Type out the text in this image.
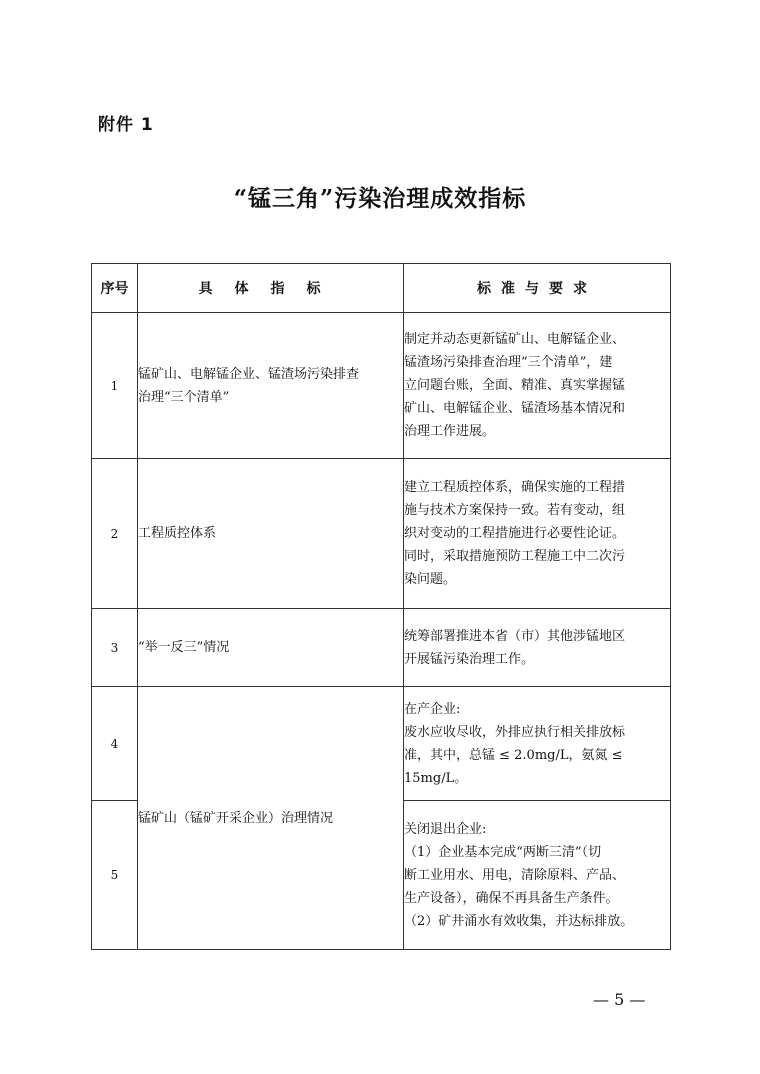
附件 1
“锰三角”污染治理成效指标
序号	具体指标	标准与要求
1	锰矿山、电解锰企业、锰渣场污染排查
治理“三个清单”	制定并动态更新锰矿山、电解锰企业、
锰渣场污染排查治理“三个清单”，建
立问题台账，全面、精准、真实掌握锰
矿山、电解锰企业、锰渣场基本情况和
治理工作进展。

2	工程质控体系	建立工程质控体系，确保实施的工程措
施与技术方案保持一致。若有变动，组
织对变动的工程措施进行必要性论证。
同时，采取措施预防工程施工中二次污
染问题。

3	“举一反三”情况	统筹部署推进本省（市）其他涉锰地区
开展锰污染治理工作。

4	锰矿山（锰矿开采企业）治理情况	在产企业:
废水应收尽收，外排应执行相关排放标
准，其中，总锰 ≤ 2.0mg/L，氨氮 ≤
15mg/L。

5		关闭退出企业:
（1）企业基本完成“两断三清”（切
断工业用水、用电，清除原料、产品、
生产设备），确保不再具备生产条件。
（2）矿井涌水有效收集，并达标排放。
— 5 —
